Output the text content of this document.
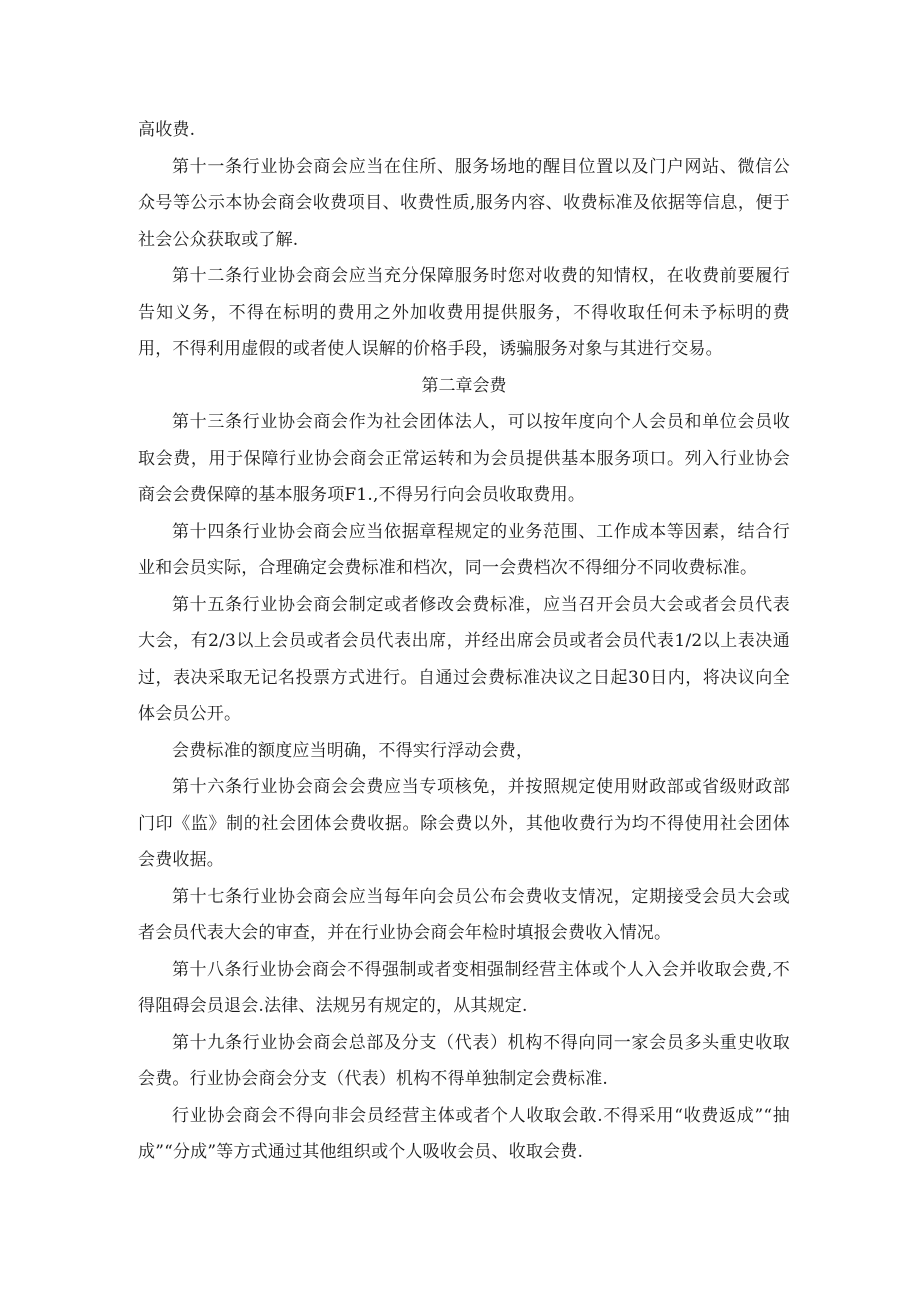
高收费.

第十一条行业协会商会应当在住所、服务场地的醒目位置以及门户网站、微信公众号等公示本协会商会收费项目、收费性质,服务内容、收费标准及依据等信息，便于社会公众获取或了解.

第十二条行业协会商会应当充分保障服务时您对收费的知情权，在收费前要履行告知义务，不得在标明的费用之外加收费用提供服务，不得收取任何未予标明的费用，不得利用虚假的或者使人误解的价格手段，诱骗服务对象与其进行交易。

第二章会费

第十三条行业协会商会作为社会团体法人，可以按年度向个人会员和单位会员收取会费，用于保障行业协会商会正常运转和为会员提供基本服务项口。列入行业协会商会会费保障的基本服务项F1.,不得另行向会员收取费用。

第十四条行业协会商会应当依据章程规定的业务范围、工作成本等因素，结合行业和会员实际，合理确定会费标准和档次，同一会费档次不得细分不同收费标准。

第十五条行业协会商会制定或者修改会费标准，应当召开会员大会或者会员代表大会，有2/3以上会员或者会员代表出席，并经出席会员或者会员代表1/2以上表决通过，表决采取无记名投票方式进行。自通过会费标准决议之日起30日内，将决议向全体会员公开。

会费标准的额度应当明确，不得实行浮动会费，

第十六条行业协会商会会费应当专项核免，并按照规定使用财政部或省级财政部门印《监》制的社会团体会费收据。除会费以外，其他收费行为均不得使用社会团体会费收据。

第十七条行业协会商会应当每年向会员公布会费收支情况，定期接受会员大会或者会员代表大会的审查，并在行业协会商会年检时填报会费收入情况。

第十八条行业协会商会不得强制或者变相强制经营主体或个人入会并收取会费,不得阻碍会员退会.法律、法规另有规定的，从其规定.

第十九条行业协会商会总部及分支（代表）机构不得向同一家会员多头重史收取会费。行业协会商会分支（代表）机构不得单独制定会费标准.

行业协会商会不得向非会员经营主体或者个人收取会敢.不得采用“收费返成”“抽成”“分成”等方式通过其他组织或个人吸收会员、收取会费.
